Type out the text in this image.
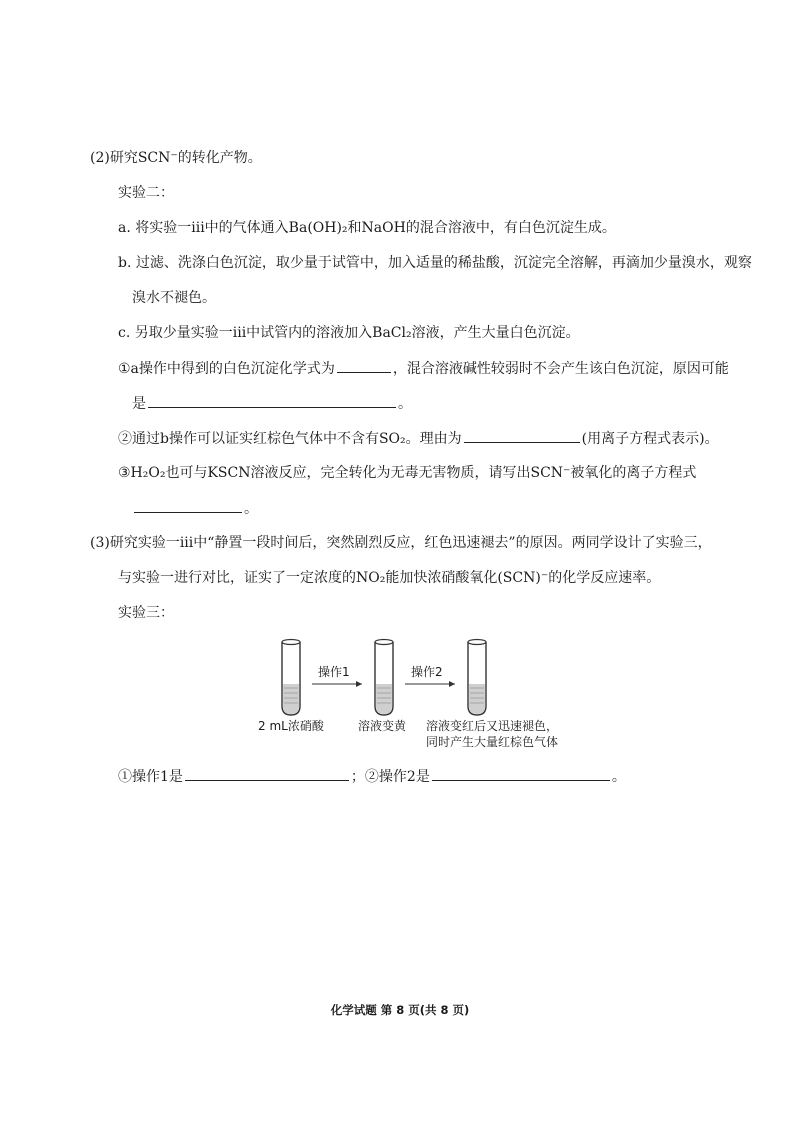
(2)研究SCN⁻的转化产物。
实验二：
a. 将实验一iii中的气体通入Ba(OH)₂和NaOH的混合溶液中，有白色沉淀生成。
b. 过滤、洗涤白色沉淀，取少量于试管中，加入适量的稀盐酸，沉淀完全溶解，再滴加少量溴水，观察
溴水不褪色。
c. 另取少量实验一iii中试管内的溶液加入BaCl₂溶液，产生大量白色沉淀。
①a操作中得到的白色沉淀化学式为	，混合溶液碱性较弱时不会产生该白色沉淀，原因可能
是	。
②通过b操作可以证实红棕色气体中不含有SO₂。理由为	(用离子方程式表示)。
③H₂O₂也可与KSCN溶液反应，完全转化为无毒无害物质，请写出SCN⁻被氧化的离子方程式
。
(3)研究实验一iii中“静置一段时间后，突然剧烈反应，红色迅速褪去”的原因。两同学设计了实验三，
与实验一进行对比，证实了一定浓度的NO₂能加快浓硝酸氧化(SCN)⁻的化学反应速率。
实验三：
操作1	操作2
2 mL浓硝酸	溶液变黄 溶液变红后又迅速褪色，
同时产生大量红棕色气体
①操作1是	；②操作2是	。
化学试题 第 8 页(共 8 页)
